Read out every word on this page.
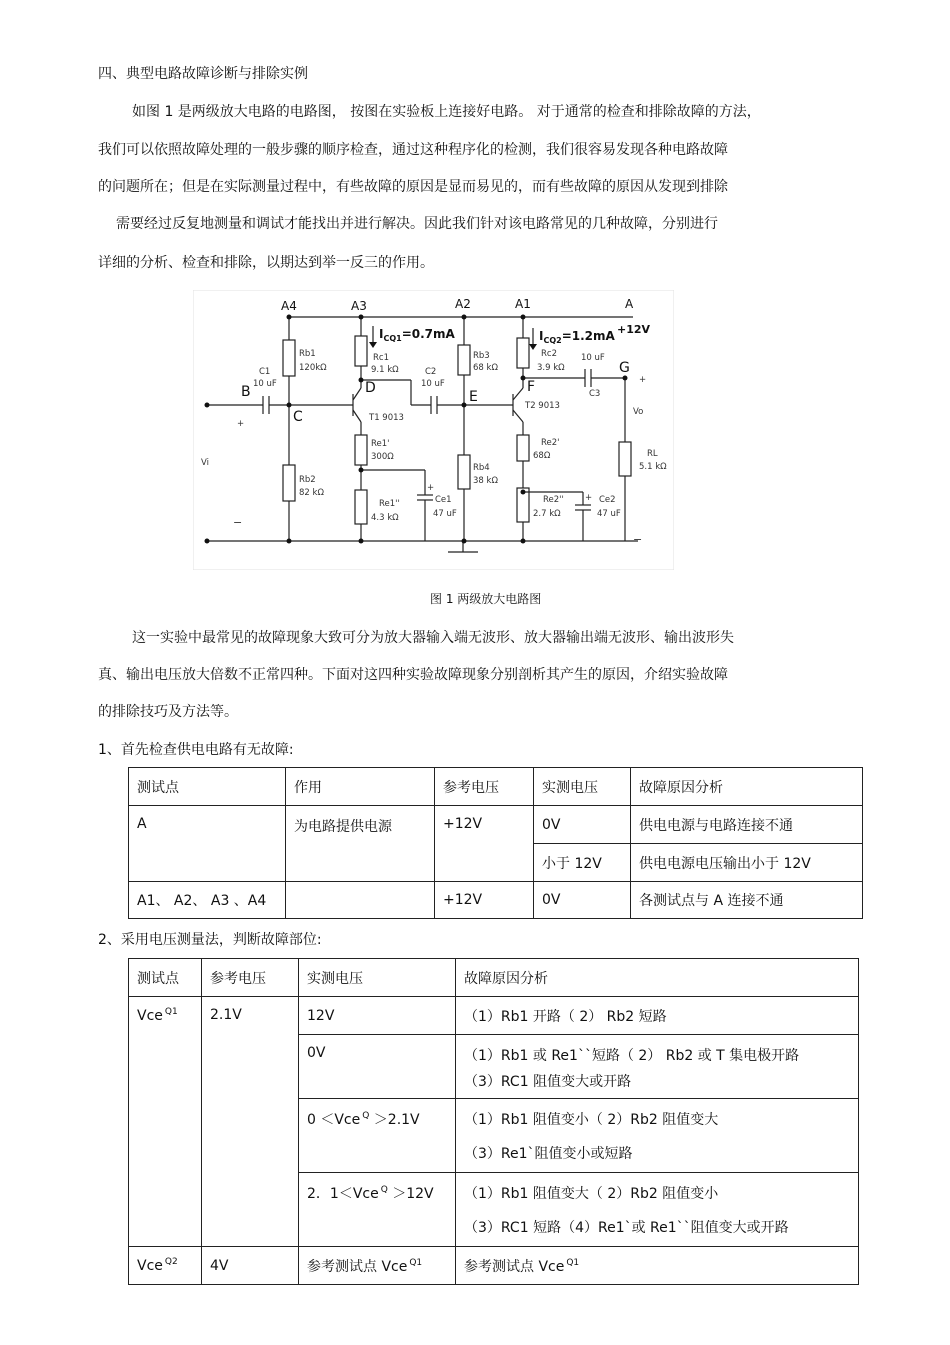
四、典型电路故障诊断与排除实例
如图 1 是两级放大电路的电路图， 按图在实验板上连接好电路。 对于通常的检查和排除故障的方法，
我们可以依照故障处理的一般步骤的顺序检查，通过这种程序化的检测，我们很容易发现各种电路故障
的问题所在；但是在实际测量过程中，有些故障的原因是显而易见的，而有些故障的原因从发现到排除
需要经过反复地测量和调试才能找出并进行解决。因此我们针对该电路常见的几种故障，分别进行
详细的分析、检查和排除，以期达到举一反三的作用。
A4	A3	A2	A1	A
+12V
B
C
D
E
F
G
$I_{CQ1}=0.7mA$	$I_{CQ2}=1.2mA$
C1
10 uF
Rb1
120kΩ
Rb2
82 kΩ
Rc1
9.1 kΩ	C2
10 uF
T1 9013
Re1'
300Ω
Re1''
4.3 kΩ
Ce1
47 uF
Rb3
68 kΩ
Rb4
38 kΩ
Rc2
3.9 kΩ
10 uF
C3
T2 9013
Re2'
68Ω
Re2''
2.7 kΩ
Ce2
47 uF
RL
5.1 kΩ
Vo
Vi
+
−
+
−
+
+
图 1 两级放大电路图
这一实验中最常见的故障现象大致可分为放大器输入端无波形、放大器输出端无波形、输出波形失
真、输出电压放大倍数不正常四种。下面对这四种实验故障现象分别剖析其产生的原因，介绍实验故障
的排除技巧及方法等。
1、首先检查供电电路有无故障:
测试点	作用	参考电压	实测电压	故障原因分析
A	为电路提供电源	+12V	0V	供电电源与电路连接不通
			小于 12V	供电电源电压输出小于 12V
A1、 A2、 A3 、A4		+12V	0V	各测试点与 A 连接不通
2、采用电压测量法，判断故障部位:
测试点	参考电压	实测电压	故障原因分析
Vce $^{Q1}$	2.1V	12V	（1）Rb1 开路（ 2） Rb2 短路
		0V	（1）Rb1 或 Re1``短路（ 2） Rb2 或 T 集电极开路
（3）RC1 阻值变大或开路

		0 ＜Vce $^Q$ ＞2.1V	（1）Rb1 阻值变小（ 2）Rb2 阻值变大
（3）Re1`阻值变小或短路

		2．1＜Vce $^Q$ ＞12V	（1）Rb1 阻值变大（ 2）Rb2 阻值变小
（3）RC1 短路（4）Re1`或 Re1``阻值变大或开路

Vce $^{Q2}$	4V	参考测试点 Vce $^{Q1}$	参考测试点 Vce $^{Q1}$
